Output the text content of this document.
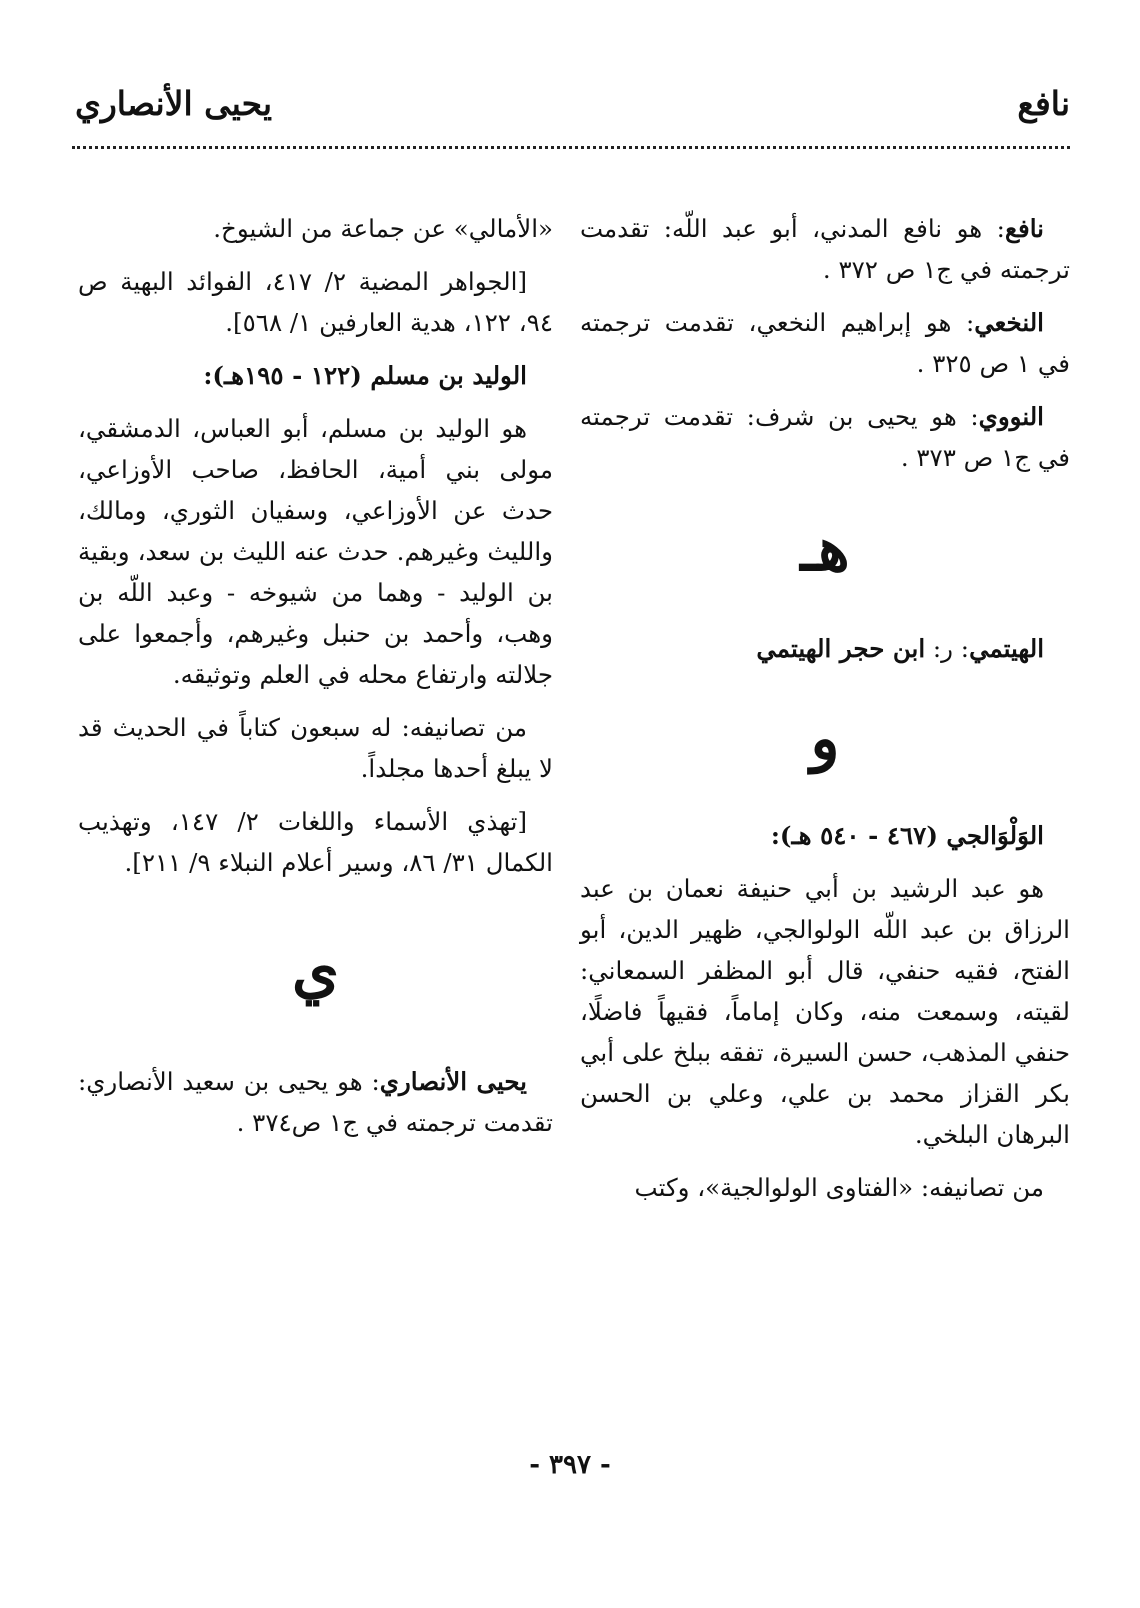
نافع
يحيى الأنصاري

نافع: هو نافع المدني، أبو عبد اللّه: تقدمت ترجمته في ج١ ص ٣٧٢ .

النخعي: هو إبراهيم النخعي، تقدمت ترجمته في ١ ص ٣٢٥ .

النووي: هو يحيى بن شرف: تقدمت ترجمته في ج١ ص ٣٧٣ .

هـ

الهيتمي: ر: ابن حجر الهيتمي

و

الوَلْوَالجي (٤٦٧ - ٥٤٠ هـ):

هو عبد الرشيد بن أبي حنيفة نعمان بن عبد الرزاق بن عبد اللّه الولوالجي، ظهير الدين، أبو الفتح، فقيه حنفي، قال أبو المظفر السمعاني: لقيته، وسمعت منه، وكان إماماً، فقيهاً فاضلًا، حنفي المذهب، حسن السيرة، تفقه ببلخ على أبي بكر القزاز محمد بن علي، وعلي بن الحسن البرهان البلخي.

من تصانيفه: «الفتاوى الولوالجية»، وكتب

«الأمالي» عن جماعة من الشيوخ.

[الجواهر المضية ٢/ ٤١٧، الفوائد البهية ص ٩٤، ١٢٢، هدية العارفين ١/ ٥٦٨].

الوليد بن مسلم (١٢٢ - ١٩٥هـ):

هو الوليد بن مسلم، أبو العباس، الدمشقي، مولى بني أمية، الحافظ، صاحب الأوزاعي، حدث عن الأوزاعي، وسفيان الثوري، ومالك، والليث وغيرهم. حدث عنه الليث بن سعد، وبقية بن الوليد - وهما من شيوخه - وعبد اللّه بن وهب، وأحمد بن حنبل وغيرهم، وأجمعوا على جلالته وارتفاع محله في العلم وتوثيقه.

من تصانيفه: له سبعون كتاباً في الحديث قد لا يبلغ أحدها مجلداً.

[تهذي الأسماء واللغات ٢/ ١٤٧، وتهذيب الكمال ٣١/ ٨٦، وسير أعلام النبلاء ٩/ ٢١١].

ي

يحيى الأنصاري: هو يحيى بن سعيد الأنصاري: تقدمت ترجمته في ج١ ص٣٧٤ .

- ٣٩٧ -
